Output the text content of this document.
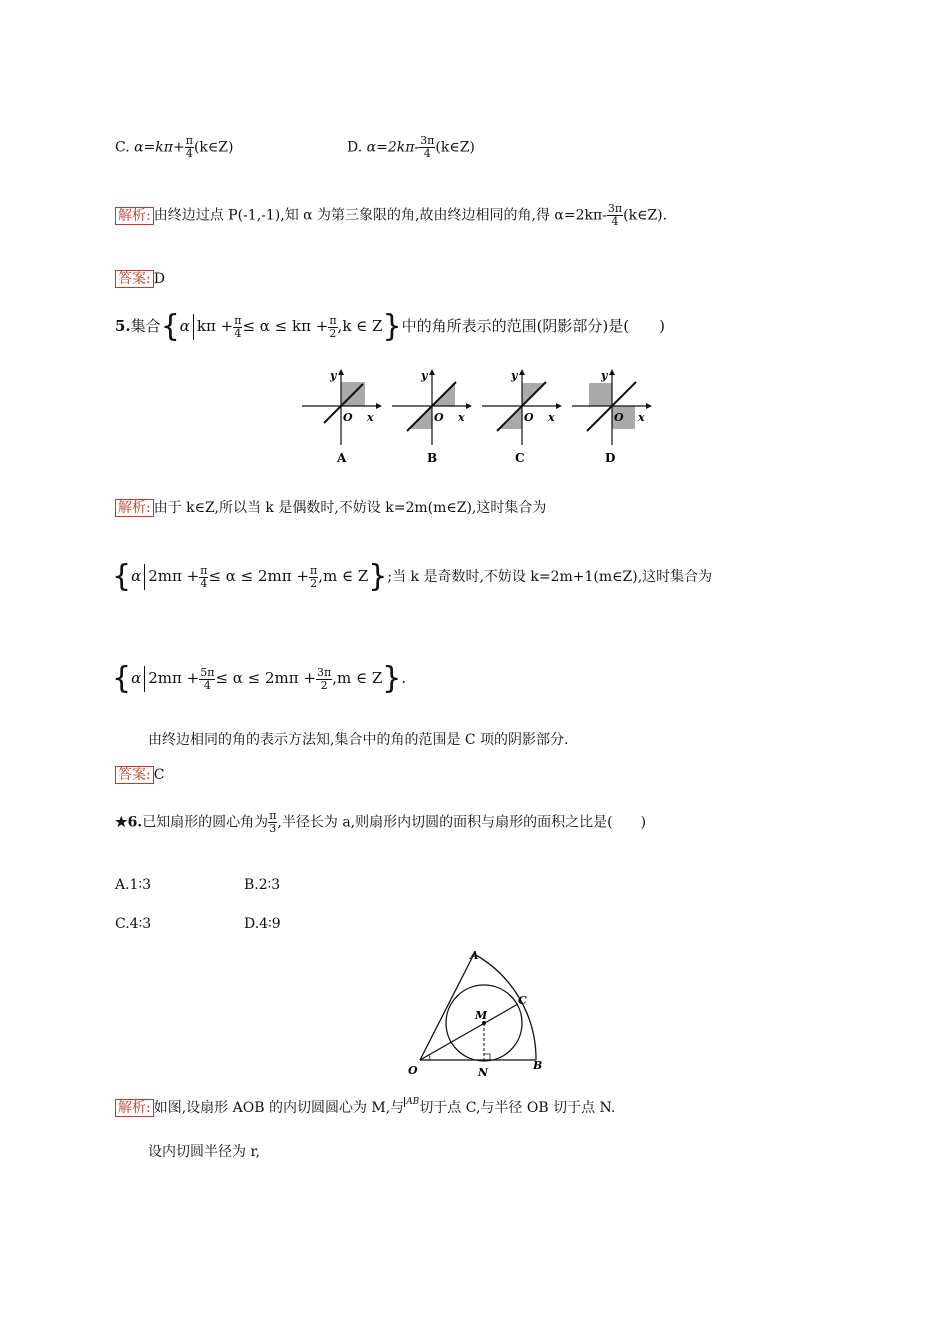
C. $\alpha=k\pi+ \frac{\pi}{4}$ (k∈Z)	D. $\alpha=2k\pi- \frac{3\pi}{4}$ (k∈Z)
解析: 由终边过点 P(-1,-1),知 α 为第三象限的角,故由终边相同的角,得 $\alpha=2k\pi- \frac{3\pi}{4}$ (k∈Z).
答案: D
5.集合{α $k\pi + \frac{\pi}{4} \le \alpha \le k\pi + \frac{\pi}{2} ,k$ ∈ Z}中的角所表示的范围(阴影部分)是(　　)
y
x
O
A
y
x
O
B
y
x
O
C
y
x
O
D
解析: 由于 k∈Z,所以当 k 是偶数时,不妨设 k=2m(m∈Z),这时集合为
{α $2m\pi + \frac{\pi}{4} \le \alpha \le 2m\pi + \frac{\pi}{2} ,m$ ∈ Z};当 k 是奇数时,不妨设 k=2m+1(m∈Z),这时集合为
{α $2m\pi + \frac{5\pi}{4} \le \alpha \le 2m\pi + \frac{3\pi}{2} ,m$ ∈ Z}.
由终边相同的角的表示方法知,集合中的角的范围是 C 项的阴影部分.
答案: C
★6.已知扇形的圆心角为 $\frac{\pi}{3}$ ,半径长为 a,则扇形内切圆的面积与扇形的面积之比是(　　)
A.1∶3	B.2∶3
C.4∶3	D.4∶9
A
B
C
M
N
O
解析: 如图,设扇形 AOB 的内切圆圆心为 M,与 $^{AB}$切于点 C,与半径 OB 切于点 N.
设内切圆半径为 r,
